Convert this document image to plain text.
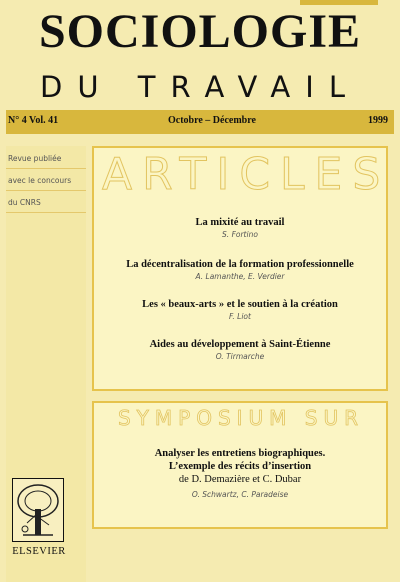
SOCIOLOGIE
DU TRAVAIL
N° 4 Vol. 41	Octobre – Décembre	1999
Revue publiée
avec le concours
du CNRS
ARTICLES
La mixité au travail
S. Fortino
La décentralisation de la formation professionnelle
A. Lamanthe, E. Verdier
Les « beaux-arts » et le soutien à la création
F. Liot
Aides au développement à Saint-Étienne
O. Tirmarche
SYMPOSIUM SUR
Analyser les entretiens biographiques.
L’exemple des récits d’insertion
de D. Demazière et C. Dubar
O. Schwartz, C. Paradeise
ELSEVIER
